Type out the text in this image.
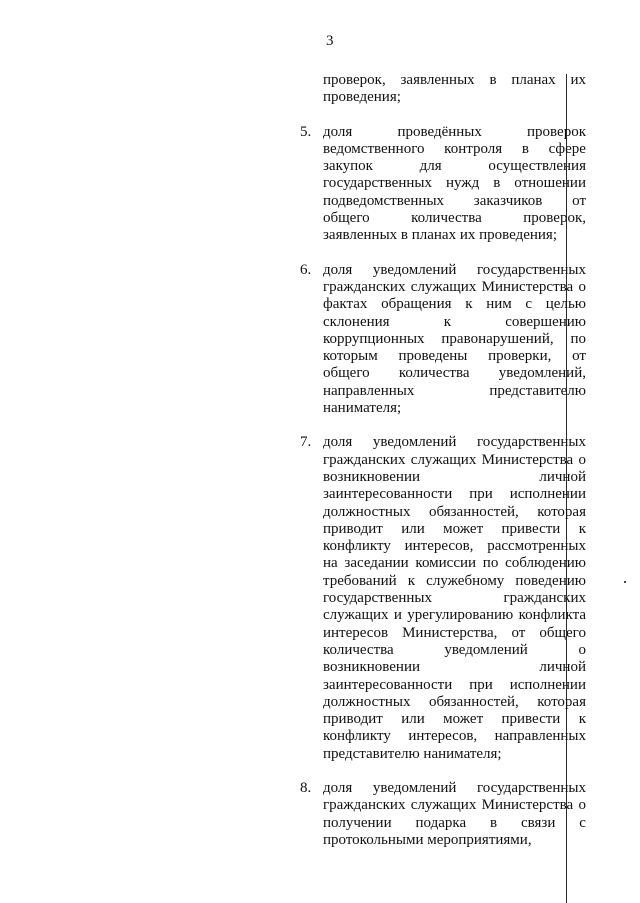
3
проверок, заявленных в планах их
проведения;
5. доля	проведённых	проверок
ведомственного контроля в сфере
закупок	для	осуществления
государственных нужд в отношении
подведомственных заказчиков от
общего	количества	проверок,
заявленных в планах их проведения;
6. доля уведомлений государственных
гражданских служащих Министерства о
фактах обращения к ним с целью
склонения	к	совершению
коррупционных правонарушений, по
которым проведены проверки, от
общего количества уведомлений,
направленных	представителю
нанимателя;
7. доля уведомлений государственных
гражданских служащих Министерства о
возникновении	личной
заинтересованности при исполнении
должностных обязанностей, которая
приводит или может привести к
конфликту интересов, рассмотренных
на заседании комиссии по соблюдению
требований к служебному поведению
государственных	гражданских
служащих и урегулированию конфликта
интересов Министерства, от общего
количества	уведомлений	о
возникновении	личной
заинтересованности при исполнении
должностных обязанностей, которая
приводит или может привести к
конфликту интересов, направленных
представителю нанимателя;
8. доля уведомлений государственных
гражданских служащих Министерства о
получении подарка в связи с
протокольными мероприятиями,
